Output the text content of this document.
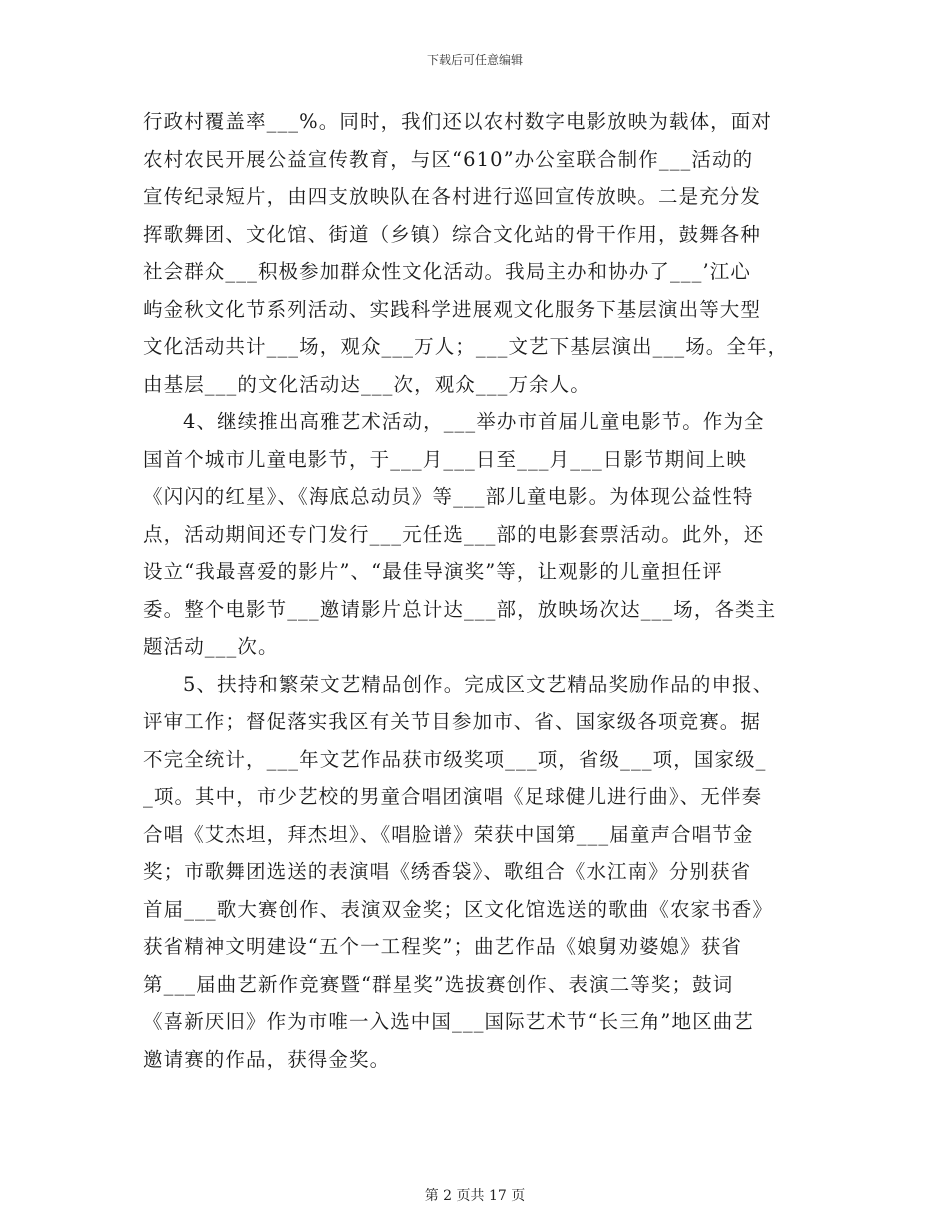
下载后可任意编辑

行政村覆盖率___%。同时，我们还以农村数字电影放映为载体，面对
农村农民开展公益宣传教育，与区“610”办公室联合制作___活动的
宣传纪录短片，由四支放映队在各村进行巡回宣传放映。二是充分发
挥歌舞团、文化馆、街道（乡镇）综合文化站的骨干作用，鼓舞各种
社会群众___积极参加群众性文化活动。我局主办和协办了___’江心
屿金秋文化节系列活动、实践科学进展观文化服务下基层演出等大型
文化活动共计___场，观众___万人；___文艺下基层演出___场。全年，
由基层___的文化活动达___次，观众___万余人。

4、继续推出高雅艺术活动，___举办市首届儿童电影节。作为全
国首个城市儿童电影节，于___月___日至___月___日影节期间上映
《闪闪的红星》、《海底总动员》等___部儿童电影。为体现公益性特
点，活动期间还专门发行___元任选___部的电影套票活动。此外，还
设立“我最喜爱的影片”、“最佳导演奖”等，让观影的儿童担任评
委。整个电影节___邀请影片总计达___部，放映场次达___场，各类主
题活动___次。

5、扶持和繁荣文艺精品创作。完成区文艺精品奖励作品的申报、
评审工作；督促落实我区有关节目参加市、省、国家级各项竞赛。据
不完全统计，___年文艺作品获市级奖项___项，省级___项，国家级_
_项。其中，市少艺校的男童合唱团演唱《足球健儿进行曲》、无伴奏
合唱《艾杰坦，拜杰坦》、《唱脸谱》荣获中国第___届童声合唱节金
奖；市歌舞团选送的表演唱《绣香袋》、歌组合《水江南》分别获省
首届___歌大赛创作、表演双金奖；区文化馆选送的歌曲《农家书香》
获省精神文明建设“五个一工程奖”；曲艺作品《娘舅劝婆媳》获省
第___届曲艺新作竞赛暨“群星奖”选拔赛创作、表演二等奖；鼓词
《喜新厌旧》作为市唯一入选中国___国际艺术节“长三角”地区曲艺
邀请赛的作品，获得金奖。

第 2 页共 17 页
